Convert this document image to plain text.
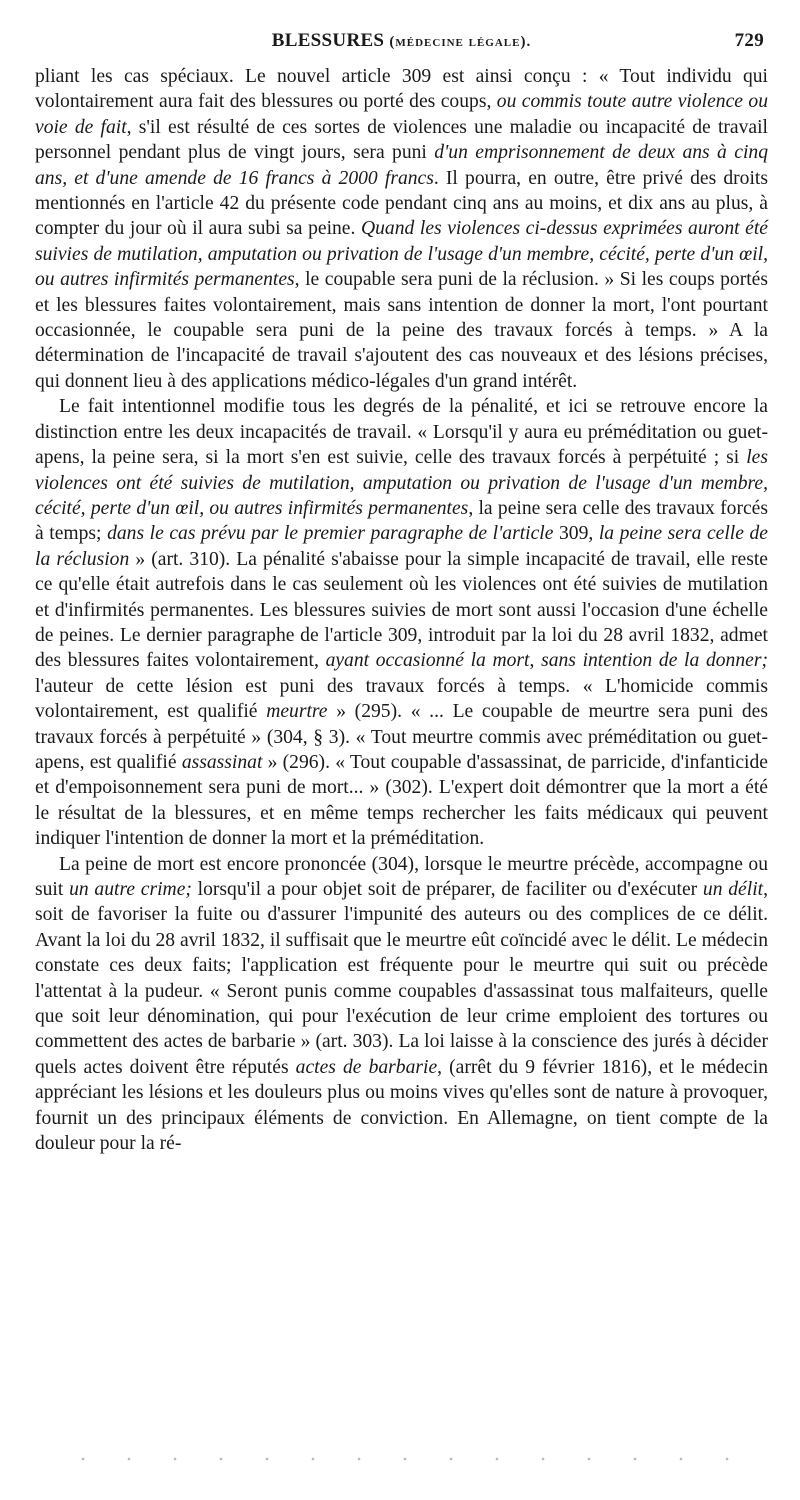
BLESSURES (médecine légale).	729

pliant les cas spéciaux. Le nouvel article 309 est ainsi conçu : « Tout individu qui volontairement aura fait des blessures ou porté des coups, ou commis toute autre violence ou voie de fait, s'il est résulté de ces sortes de violences une maladie ou incapacité de travail personnel pendant plus de vingt jours, sera puni d'un emprisonnement de deux ans à cinq ans, et d'une amende de 16 francs à 2000 francs. Il pourra, en outre, être privé des droits mentionnés en l'article 42 du présente code pendant cinq ans au moins, et dix ans au plus, à compter du jour où il aura subi sa peine. Quand les violences ci-dessus exprimées auront été suivies de mutilation, amputation ou privation de l'usage d'un membre, cécité, perte d'un œil, ou autres infirmités permanentes, le coupable sera puni de la réclusion. » Si les coups portés et les blessures faites volontairement, mais sans intention de donner la mort, l'ont pourtant occasionnée, le coupable sera puni de la peine des travaux forcés à temps. » A la détermination de l'incapacité de travail s'ajoutent des cas nouveaux et des lésions précises, qui donnent lieu à des applications médico-légales d'un grand intérêt.

Le fait intentionnel modifie tous les degrés de la pénalité, et ici se retrouve encore la distinction entre les deux incapacités de travail. « Lorsqu'il y aura eu préméditation ou guet-apens, la peine sera, si la mort s'en est suivie, celle des travaux forcés à perpétuité ; si les violences ont été suivies de mutilation, amputation ou privation de l'usage d'un membre, cécité, perte d'un œil, ou autres infirmités permanentes, la peine sera celle des travaux forcés à temps; dans le cas prévu par le premier paragraphe de l'article 309, la peine sera celle de la réclusion » (art. 310). La pénalité s'abaisse pour la simple incapacité de travail, elle reste ce qu'elle était autrefois dans le cas seulement où les violences ont été suivies de mutilation et d'infirmités permanentes. Les blessures suivies de mort sont aussi l'occasion d'une échelle de peines. Le dernier paragraphe de l'article 309, introduit par la loi du 28 avril 1832, admet des blessures faites volontairement, ayant occasionné la mort, sans intention de la donner; l'auteur de cette lésion est puni des travaux forcés à temps. « L'homicide commis volontairement, est qualifié meurtre » (295). « ... Le coupable de meurtre sera puni des travaux forcés à perpétuité » (304, § 3). « Tout meurtre commis avec préméditation ou guet-apens, est qualifié assassinat » (296). « Tout coupable d'assassinat, de parricide, d'infanticide et d'empoisonnement sera puni de mort... » (302). L'expert doit démontrer que la mort a été le résultat de la blessures, et en même temps rechercher les faits médicaux qui peuvent indiquer l'intention de donner la mort et la préméditation.

La peine de mort est encore prononcée (304), lorsque le meurtre précède, accompagne ou suit un autre crime; lorsqu'il a pour objet soit de préparer, de faciliter ou d'exécuter un délit, soit de favoriser la fuite ou d'assurer l'impunité des auteurs ou des complices de ce délit. Avant la loi du 28 avril 1832, il suffisait que le meurtre eût coïncidé avec le délit. Le médecin constate ces deux faits; l'application est fréquente pour le meurtre qui suit ou précède l'attentat à la pudeur. « Seront punis comme coupables d'assassinat tous malfaiteurs, quelle que soit leur dénomination, qui pour l'exécution de leur crime emploient des tortures ou commettent des actes de barbarie » (art. 303). La loi laisse à la conscience des jurés à décider quels actes doivent être réputés actes de barbarie, (arrêt du 9 février 1816), et le médecin appréciant les lésions et les douleurs plus ou moins vives qu'elles sont de nature à provoquer, fournit un des principaux éléments de conviction. En Allemagne, on tient compte de la douleur pour la ré-
